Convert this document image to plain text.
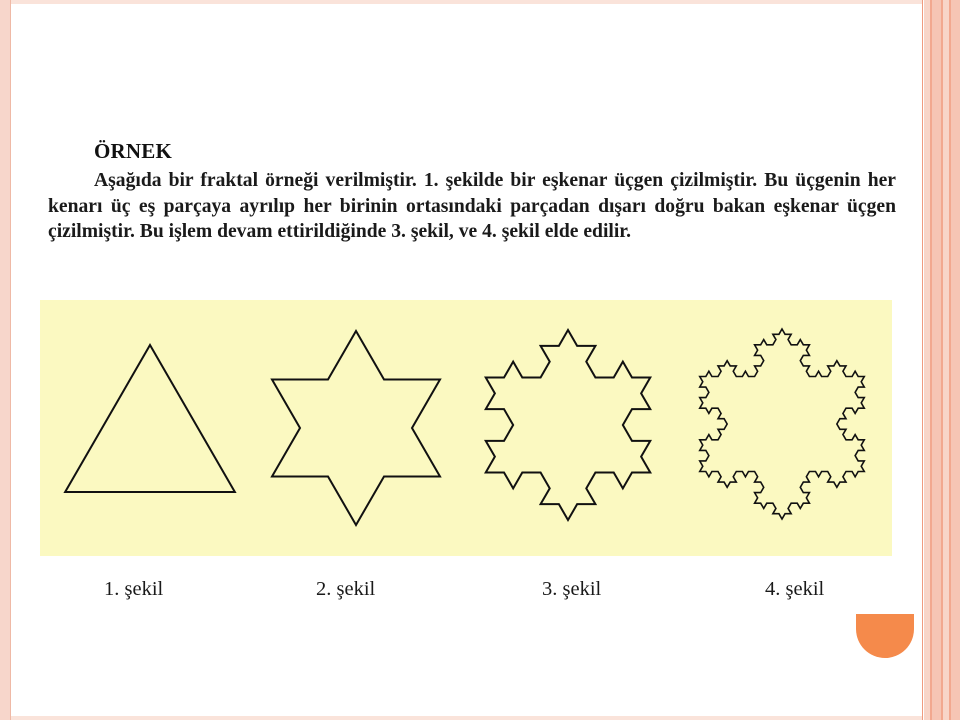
ÖRNEK
Aşağıda bir fraktal örneği verilmiştir. 1. şekilde bir eşkenar üçgen çizilmiştir. Bu üçgenin her kenarı üç eş parçaya ayrılıp her birinin ortasındaki parçadan dışarı doğru bakan eşkenar üçgen çizilmiştir. Bu işlem devam ettirildiğinde 3. şekil, ve 4. şekil elde edilir.
1. şekil	2. şekil	3. şekil	4. şekil
